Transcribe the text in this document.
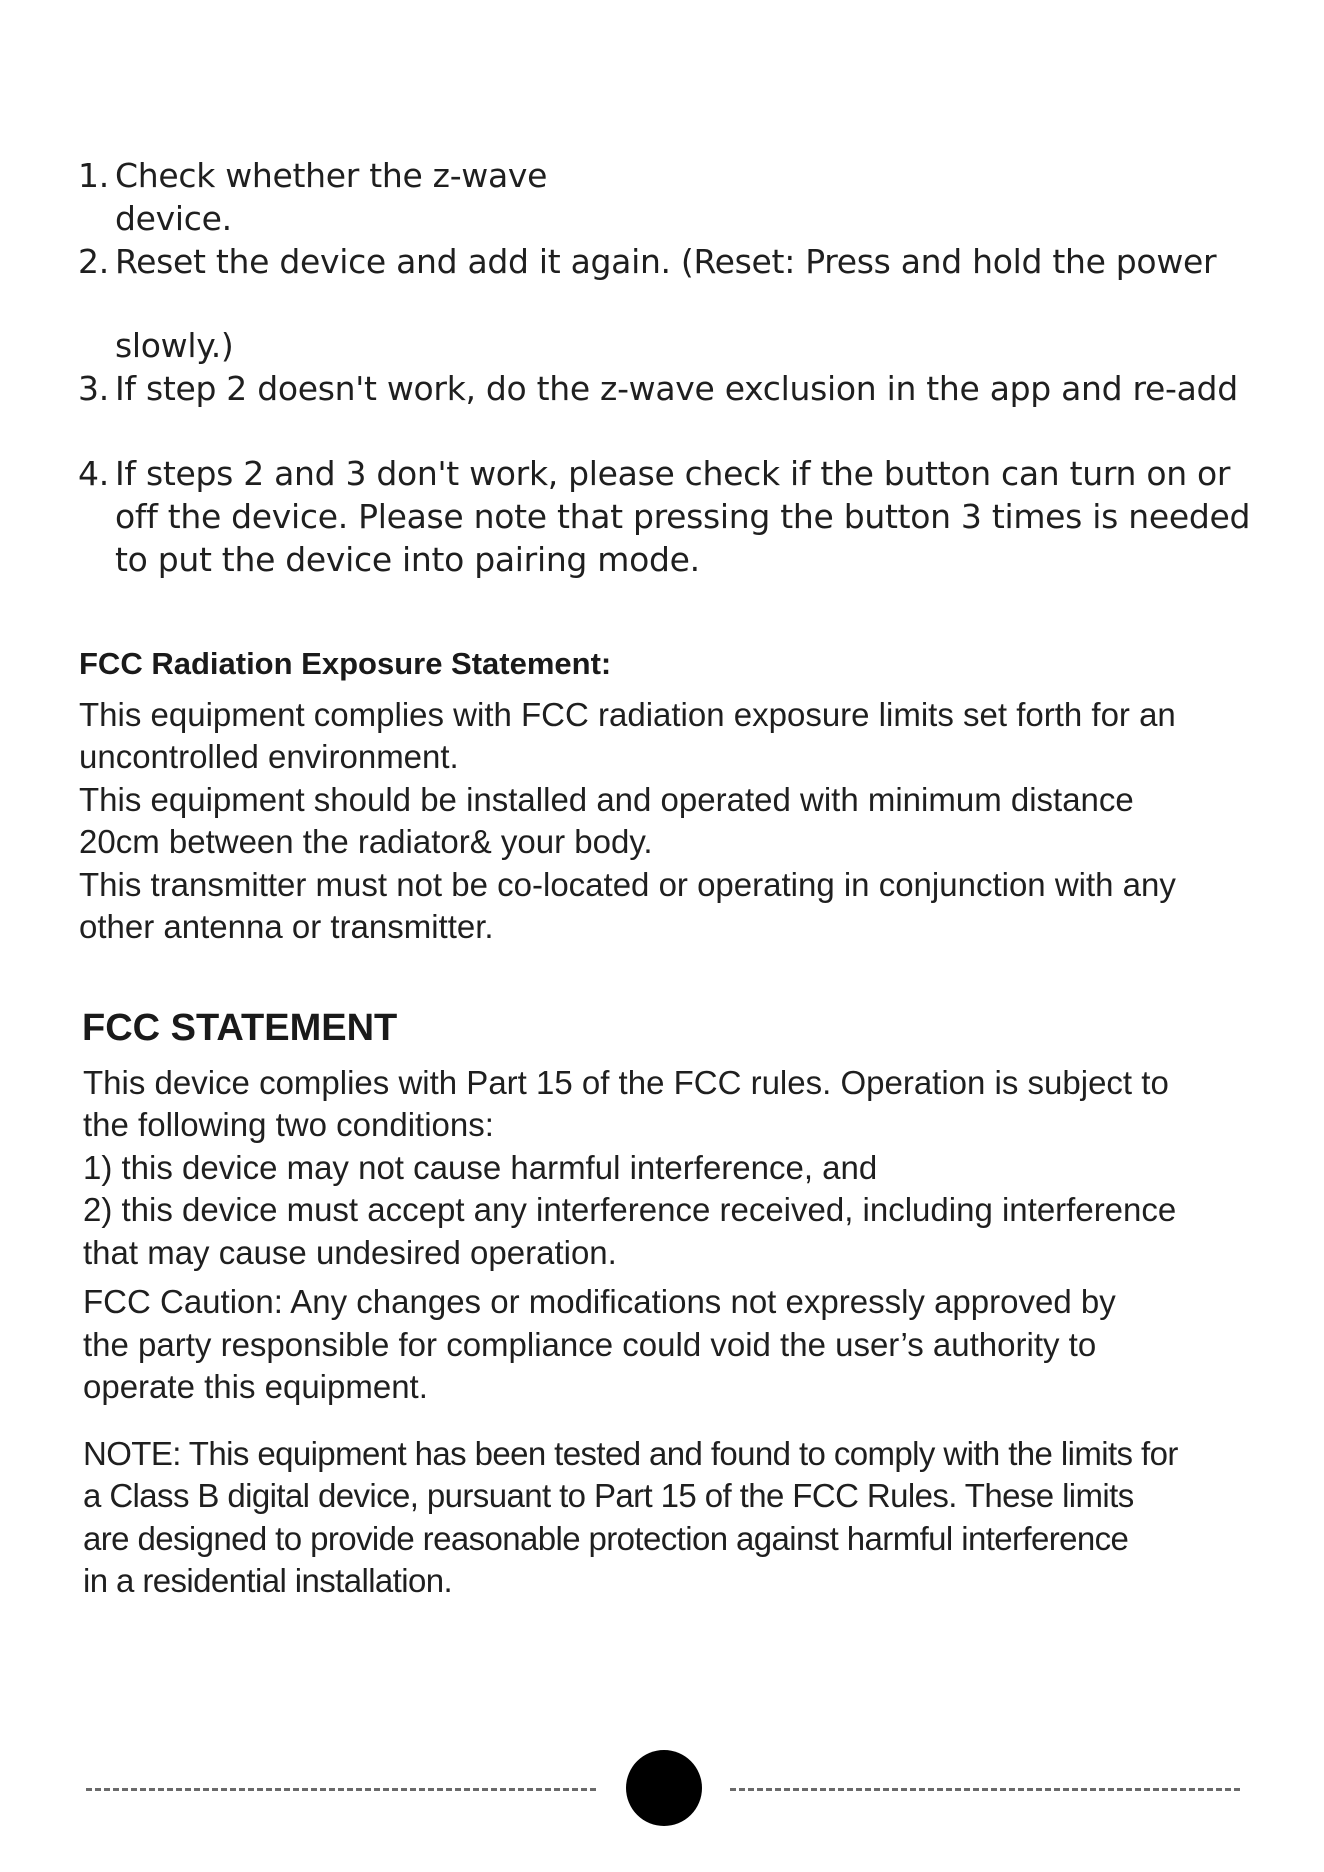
1. Check whether the z-wave
device.
2. Reset the device and add it again. (Reset: Press and hold the power
slowly.)
3. If step 2 doesn't work, do the z-wave exclusion in the app and re-add
4. If steps 2 and 3 don't work, please check if the button can turn on or
off the device. Please note that pressing the button 3 times is needed
to put the device into pairing mode.
FCC Radiation Exposure Statement:
This equipment complies with FCC radiation exposure limits set forth for an
uncontrolled environment.
This equipment should be installed and operated with minimum distance
20cm between the radiator& your body.
This transmitter must not be co-located or operating in conjunction with any
other antenna or transmitter.
FCC STATEMENT
This device complies with Part 15 of the FCC rules. Operation is subject to
the following two conditions:
1) this device may not cause harmful interference, and
2) this device must accept any interference received, including interference
that may cause undesired operation.
FCC Caution: Any changes or modifications not expressly approved by
the party responsible for compliance could void the user’s authority to
operate this equipment.
NOTE: This equipment has been tested and found to comply with the limits for
a Class B digital device, pursuant to Part 15 of the FCC Rules. These limits
are designed to provide reasonable protection against harmful interference
in a residential installation.
